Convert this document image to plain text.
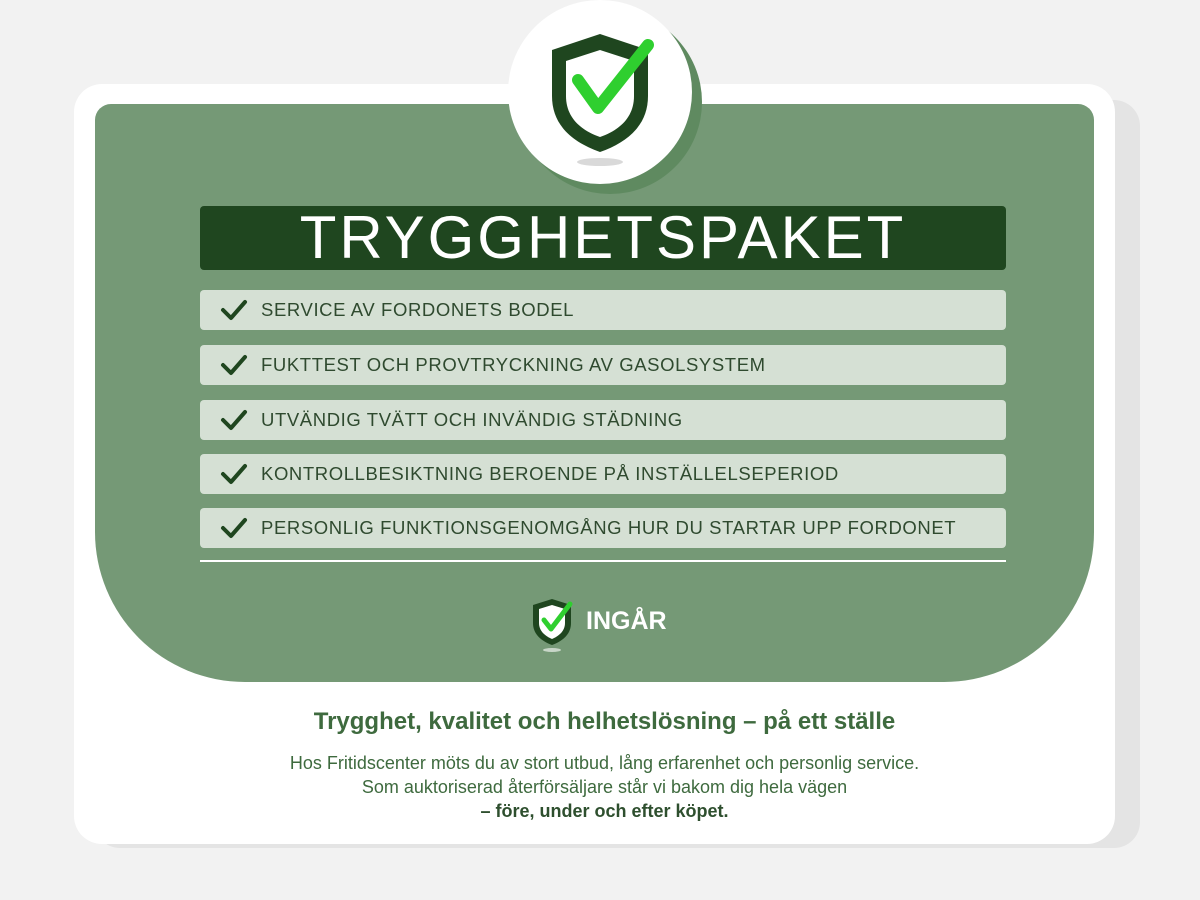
TRYGGHETSPAKET
SERVICE AV FORDONETS BODEL
FUKTTEST OCH PROVTRYCKNING AV GASOLSYSTEM
UTVÄNDIG TVÄTT OCH INVÄNDIG STÄDNING
KONTROLLBESIKTNING BEROENDE PÅ INSTÄLLELSEPERIOD
PERSONLIG FUNKTIONSGENOMGÅNG HUR DU STARTAR UPP FORDONET
INGÅR
Trygghet, kvalitet och helhetslösning – på ett ställe
Hos Fritidscenter möts du av stort utbud, lång erfarenhet och personlig service.
Som auktoriserad återförsäljare står vi bakom dig hela vägen
– före, under och efter köpet.
